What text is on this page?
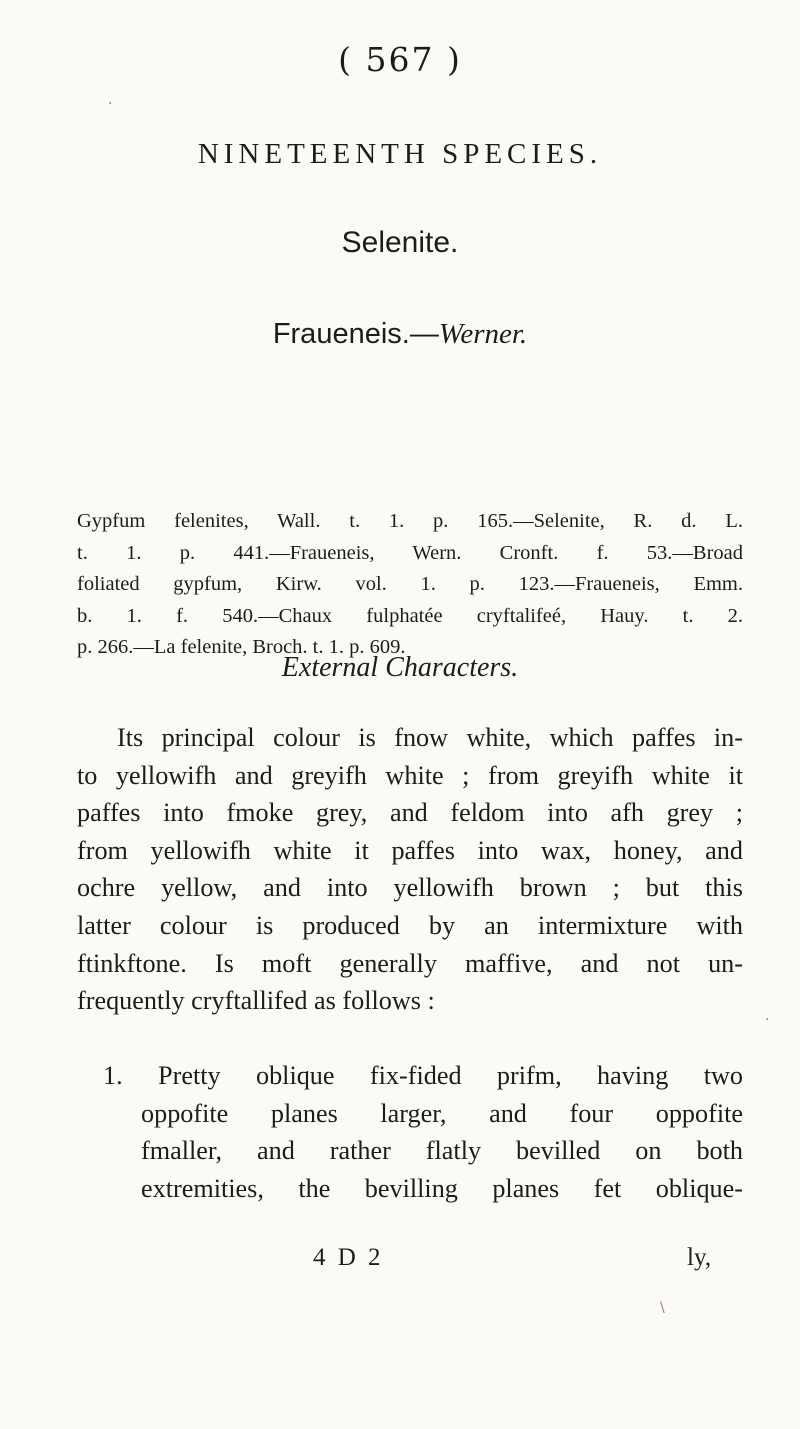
( 567 )
NINETEENTH SPECIES.
Selenite.
Fraueneis.—Werner.
Gypfum felenites, Wall. t. 1. p. 165.—Selenite, R. d. L.
t. 1. p. 441.—Fraueneis, Wern. Cronft. f. 53.—Broad
foliated gypfum, Kirw. vol. 1. p. 123.—Fraueneis, Emm.
b. 1. f. 540.—Chaux fulphatée cryftalifeé, Hauy. t. 2.
p. 266.—La felenite, Broch. t. 1. p. 609.
External Characters.
Its principal colour is fnow white, which paffes in-
to yellowifh and greyifh white ; from greyifh white it
paffes into fmoke grey, and feldom into afh grey ;
from yellowifh white it paffes into wax, honey, and
ochre yellow, and into yellowifh brown ; but this
latter colour is produced by an intermixture with
ftinkftone. Is moft generally maffive, and not un-
frequently cryftallifed as follows :
1. Pretty oblique fix-fided prifm, having two
oppofite planes larger, and four oppofite
fmaller, and rather flatly bevilled on both
extremities, the bevilling planes fet oblique-
4 D 2	ly,
·
\
·
